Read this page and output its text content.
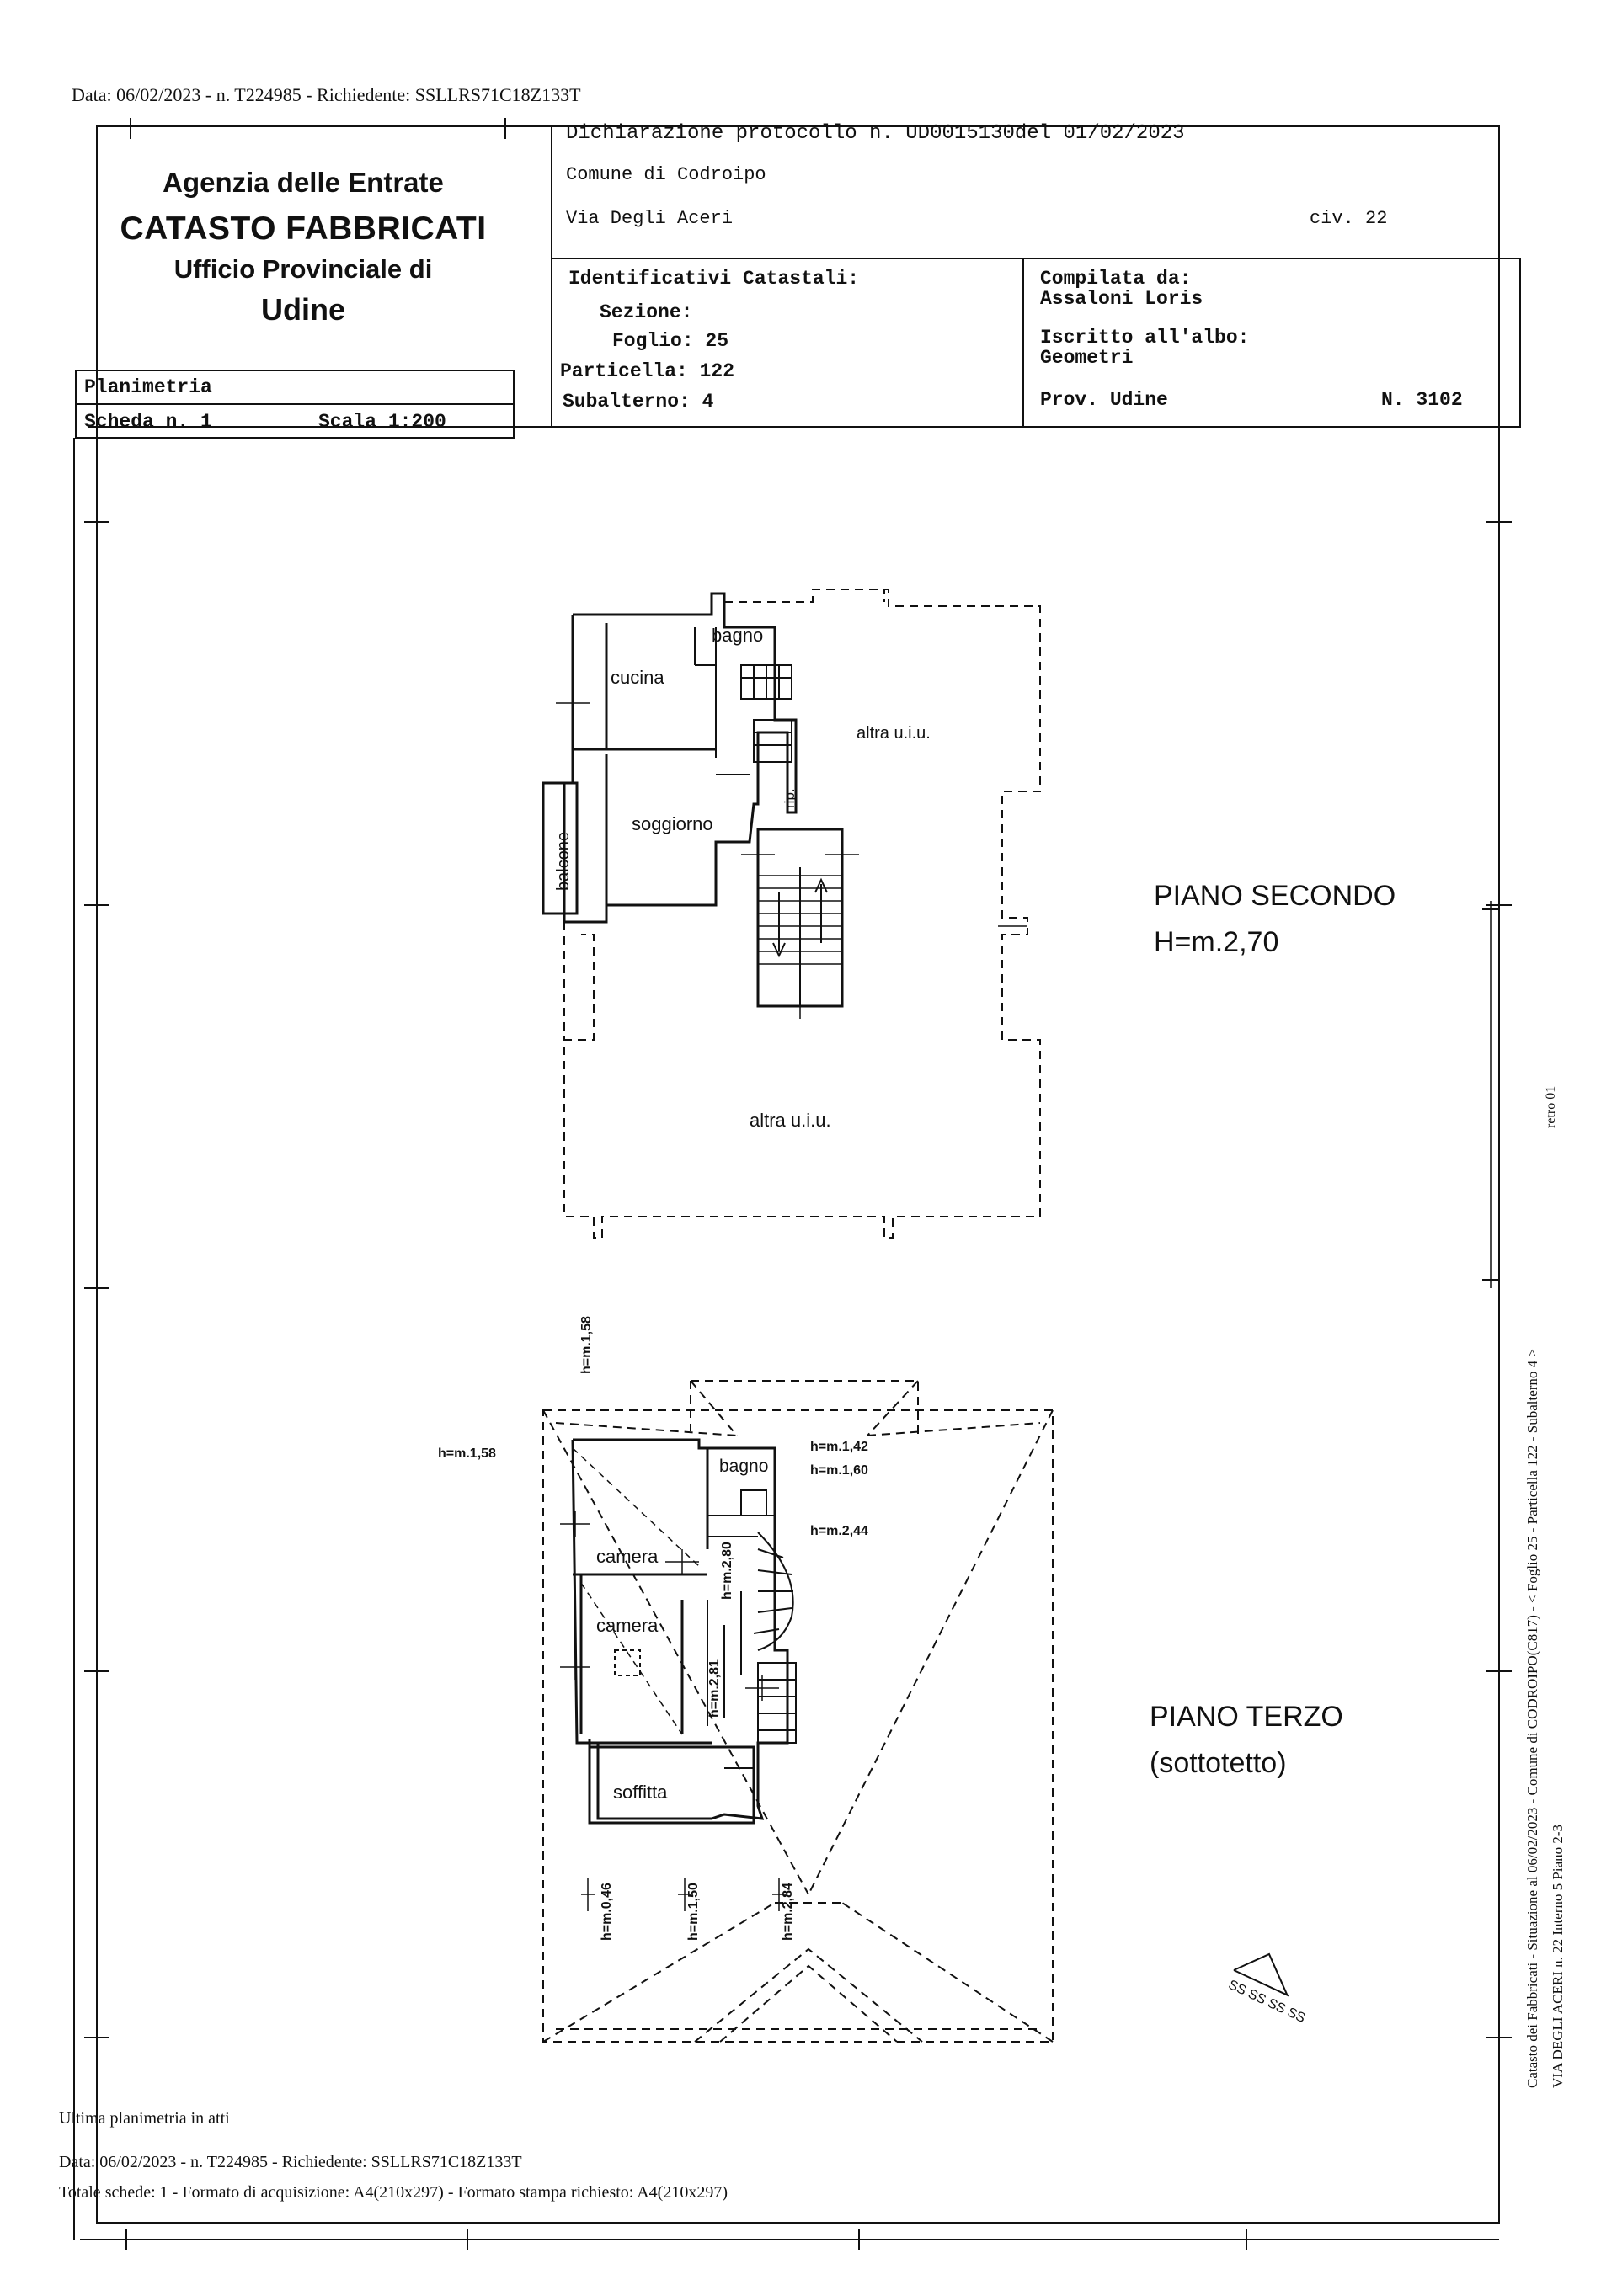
Data: 06/02/2023 - n. T224985 - Richiedente: SSLLRS71C18Z133T
SS SS SS SS
Agenzia delle Entrate
CATASTO FABBRICATI
Ufficio Provinciale di
Udine
Dichiarazione protocollo n. UD0015130del 01/02/2023
Comune di Codroipo
Via Degli Aceri	civ. 22
Identificativi Catastali:
Sezione:
Foglio: 25
Particella: 122
Subalterno: 4
Compilata da:
Assaloni Loris
Iscritto all'albo:
Geometri
Prov. Udine	N. 3102
Planimetria
Scheda n. 1	Scala 1:200
bagno
cucina
altra u.i.u.
rip.
soggiorno
balcone
altra u.i.u.
PIANO SECONDO
H=m.2,70
bagno
camera
camera
soffitta
PIANO TERZO
(sottotetto)
h=m.1,58
h=m.1,58	h=m.1,42
h=m.1,60
h=m.2,44
h=m.2,80
h=m.2,81
h=m.0,46	h=m.1,50	h=m.2,84
retro 01
Catasto dei Fabbricati - Situazione al 06/02/2023 - Comune di CODROIPO(C817) - < Foglio 25 - Particella 122 - Subalterno 4 > VIA DEGLI ACERI n. 22 Interno 5 Piano 2-3
Ultima planimetria in atti
Data: 06/02/2023 - n. T224985 - Richiedente: SSLLRS71C18Z133T
Totale schede: 1 - Formato di acquisizione: A4(210x297) - Formato stampa richiesto: A4(210x297)
